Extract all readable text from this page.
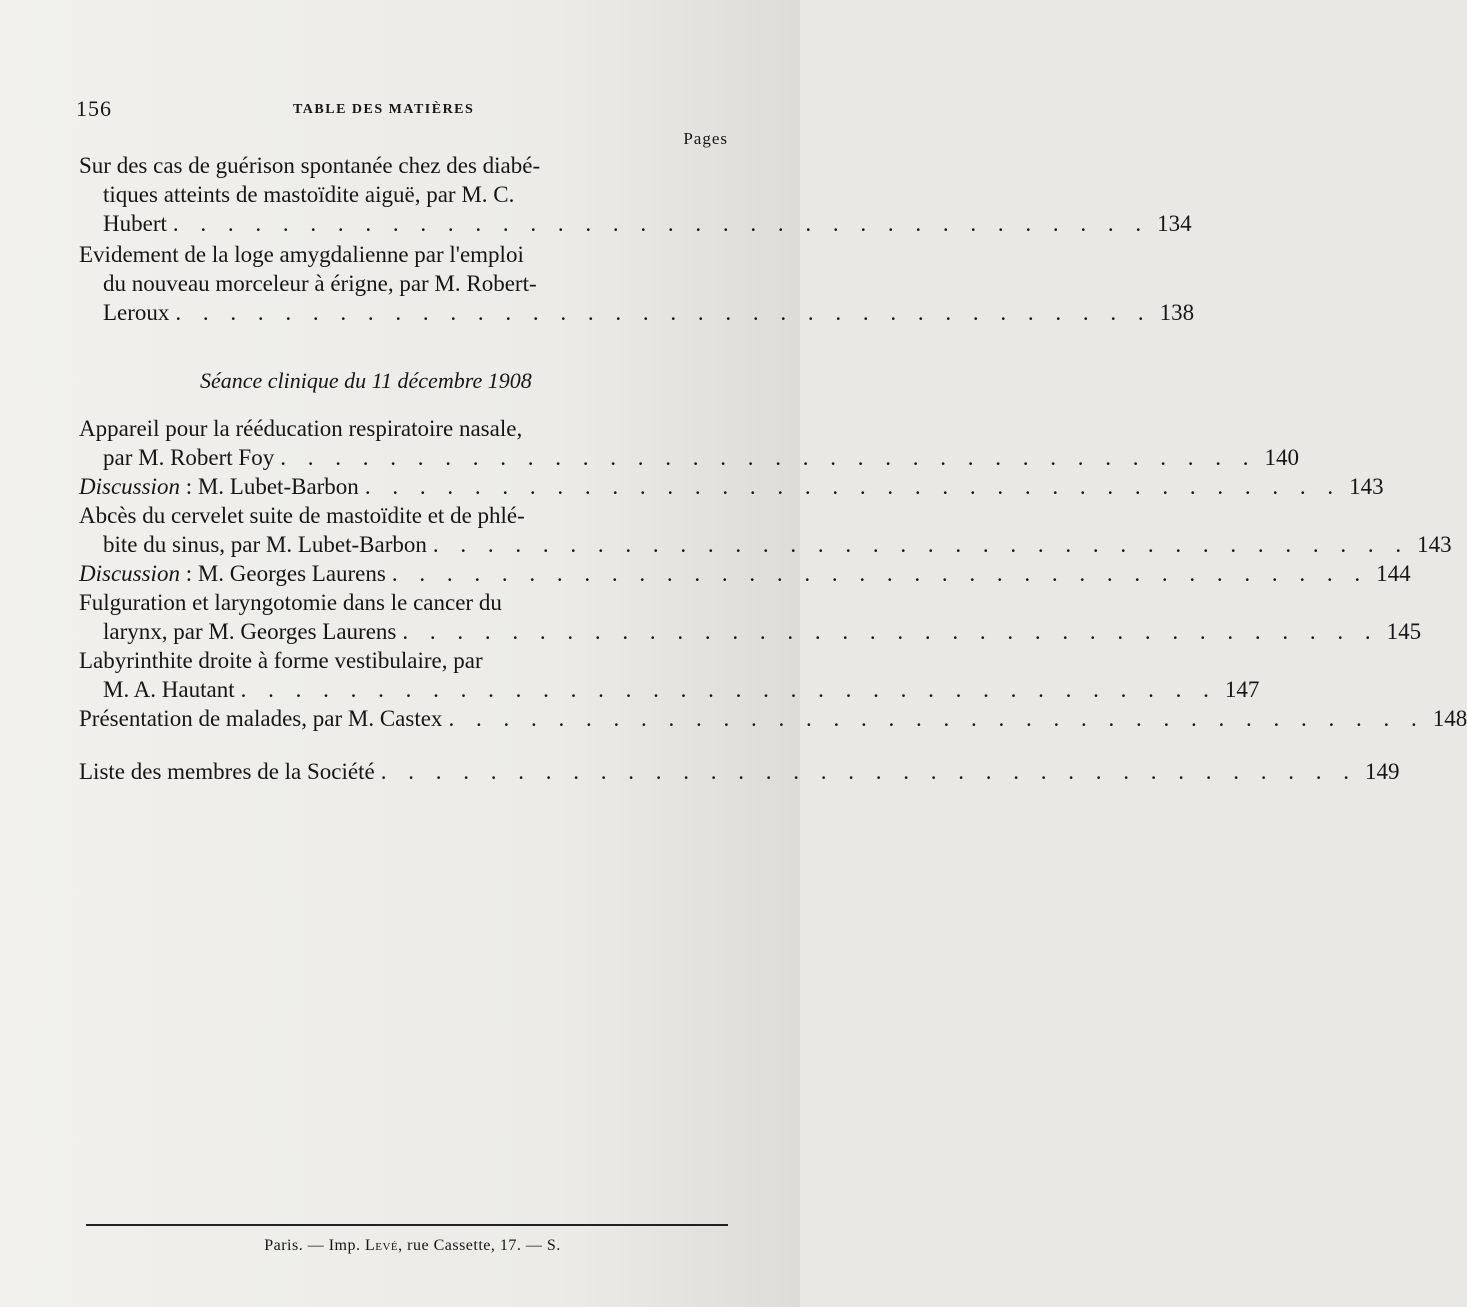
156	TABLE DES MATIÈRES
Pages
Sur des cas de guérison spontanée chez des diabé-
tiques atteints de mastoïdite aiguë, par M. C.
Hubert . . . . . . . . . . . . . . . . . . . . . . . . . . . . . . . . . . . . 134
Evidement de la loge amygdalienne par l'emploi
du nouveau morceleur à érigne, par M. Robert-
Leroux . . . . . . . . . . . . . . . . . . . . . . . . . . . . . . . . . . . . 138
Séance clinique du 11 décembre 1908
Appareil pour la rééducation respiratoire nasale,
par M. Robert Foy . . . . . . . . . . . . . . . . . . . . . . . . . . . . . . . . . . . . 140
Discussion : M. Lubet-Barbon . . . . . . . . . . . . . . . . . . . . . . . . . . . . . . . . . . . . 143
Abcès du cervelet suite de mastoïdite et de phlé-
bite du sinus, par M. Lubet-Barbon . . . . . . . . . . . . . . . . . . . . . . . . . . . . . . . . . . . . 143
Discussion : M. Georges Laurens . . . . . . . . . . . . . . . . . . . . . . . . . . . . . . . . . . . . 144
Fulguration et laryngotomie dans le cancer du
larynx, par M. Georges Laurens . . . . . . . . . . . . . . . . . . . . . . . . . . . . . . . . . . . . 145
Labyrinthite droite à forme vestibulaire, par
M. A. Hautant . . . . . . . . . . . . . . . . . . . . . . . . . . . . . . . . . . . . 147
Présentation de malades, par M. Castex . . . . . . . . . . . . . . . . . . . . . . . . . . . . . . . . . . . . 148
Liste des membres de la Société . . . . . . . . . . . . . . . . . . . . . . . . . . . . . . . . . . . . 149
Paris. — Imp. Levé, rue Cassette, 17. — S.
